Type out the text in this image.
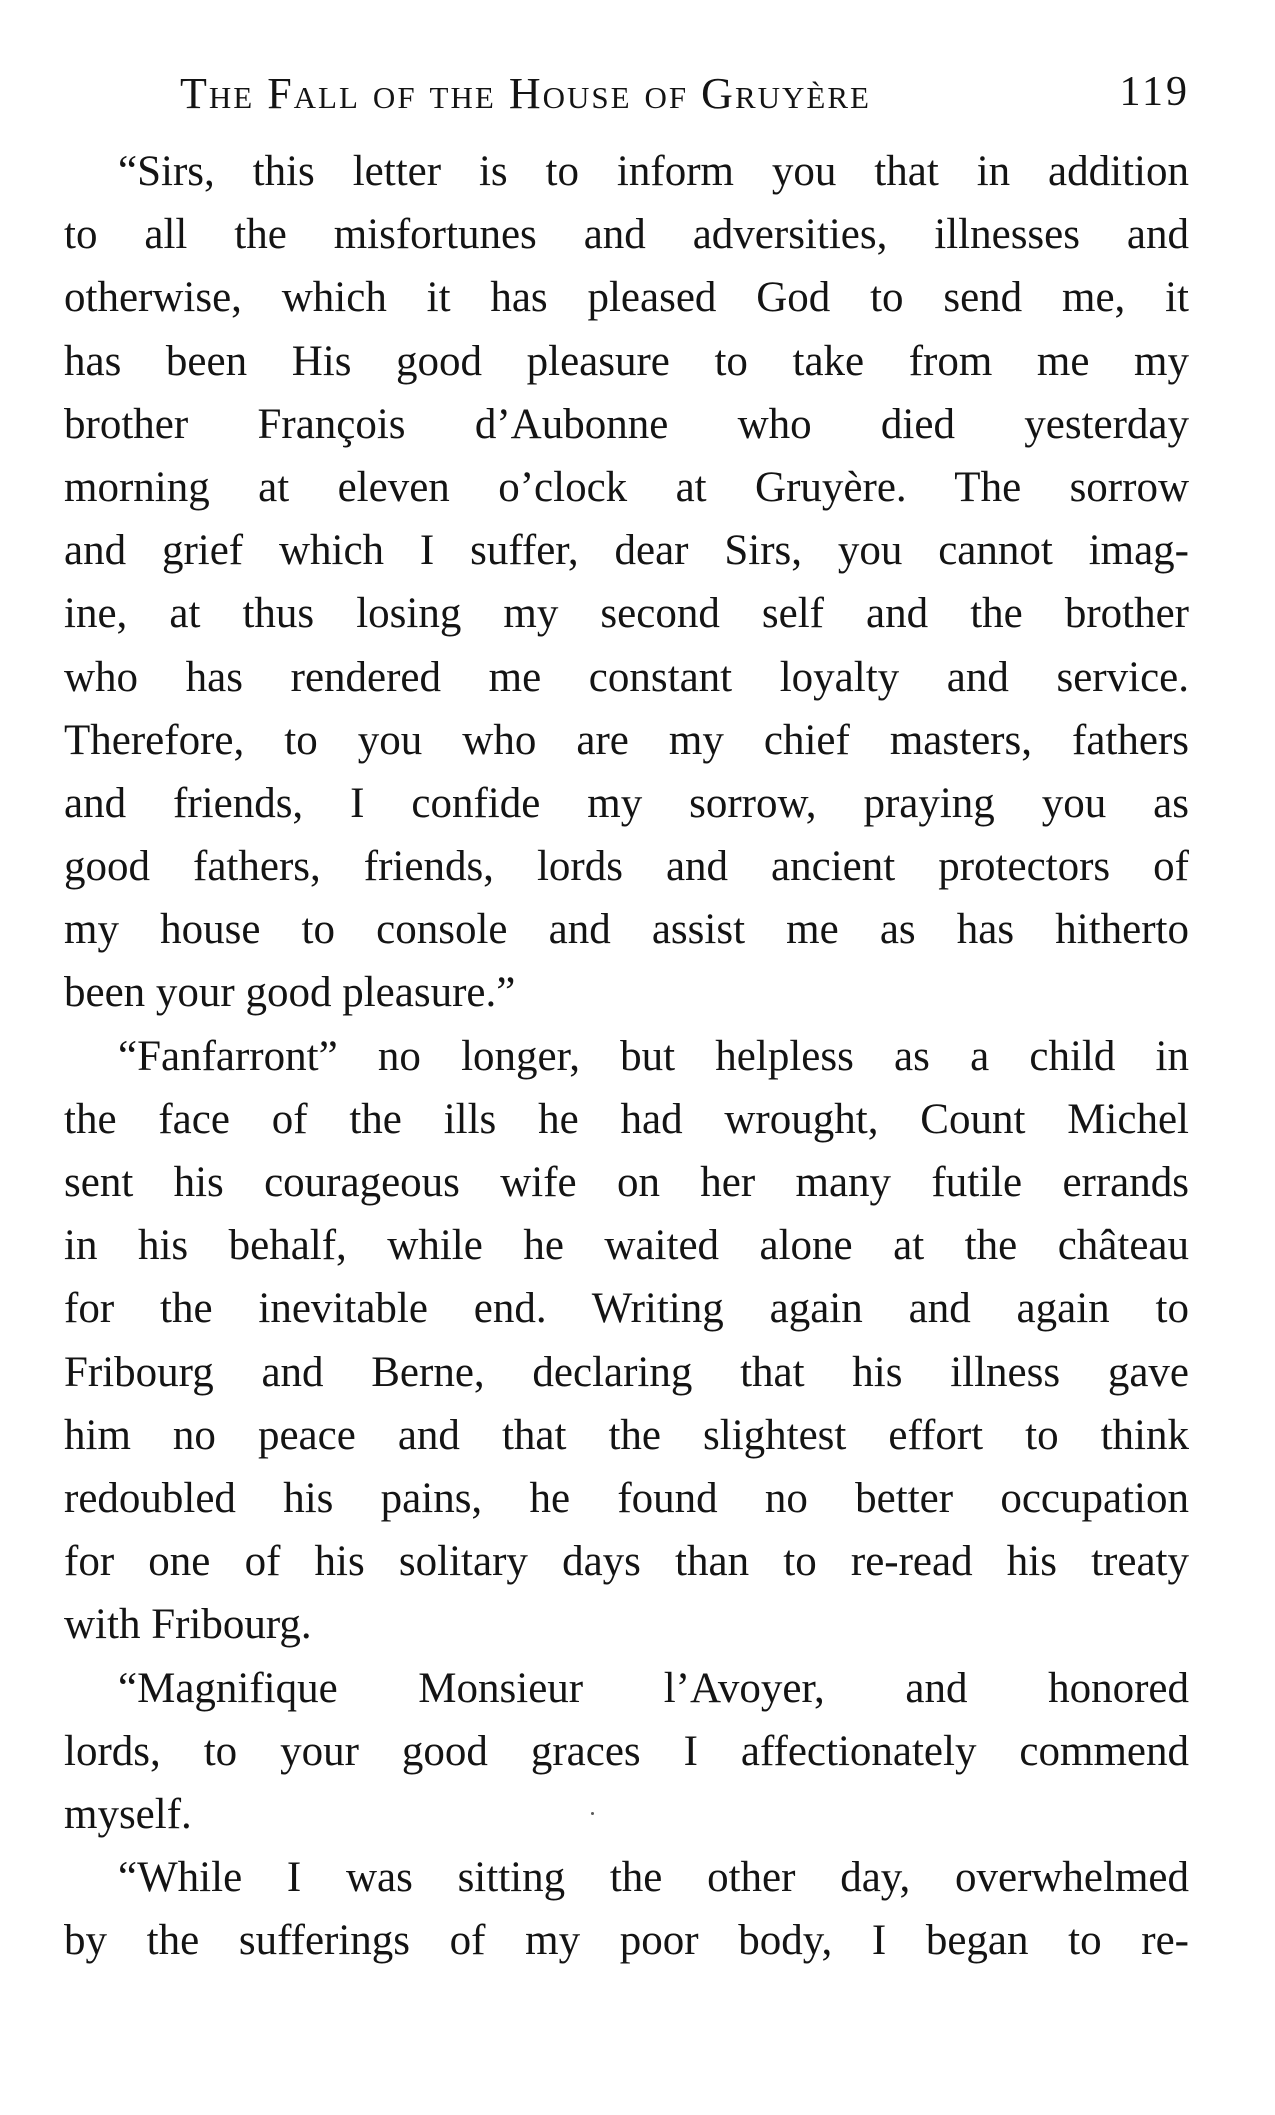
The Fall of the House of Gruyère	119
“Sirs, this letter is to inform you that in addition
to all the misfortunes and adversities, illnesses and
otherwise, which it has pleased God to send me, it
has been His good pleasure to take from me my
brother François d’Aubonne who died yesterday
morning at eleven o’clock at Gruyère. The sorrow
and grief which I suffer, dear Sirs, you cannot imag-
ine, at thus losing my second self and the brother
who has rendered me constant loyalty and service.
Therefore, to you who are my chief masters, fathers
and friends, I confide my sorrow, praying you as
good fathers, friends, lords and ancient protectors of
my house to console and assist me as has hitherto
been your good pleasure.”
“Fanfarront” no longer, but helpless as a child in
the face of the ills he had wrought, Count Michel
sent his courageous wife on her many futile errands
in his behalf, while he waited alone at the château
for the inevitable end. Writing again and again to
Fribourg and Berne, declaring that his illness gave
him no peace and that the slightest effort to think
redoubled his pains, he found no better occupation
for one of his solitary days than to re-read his treaty
with Fribourg.
“Magnifique Monsieur l’Avoyer, and honored
lords, to your good graces I affectionately commend
myself.
“While I was sitting the other day, overwhelmed
by the sufferings of my poor body, I began to re-
